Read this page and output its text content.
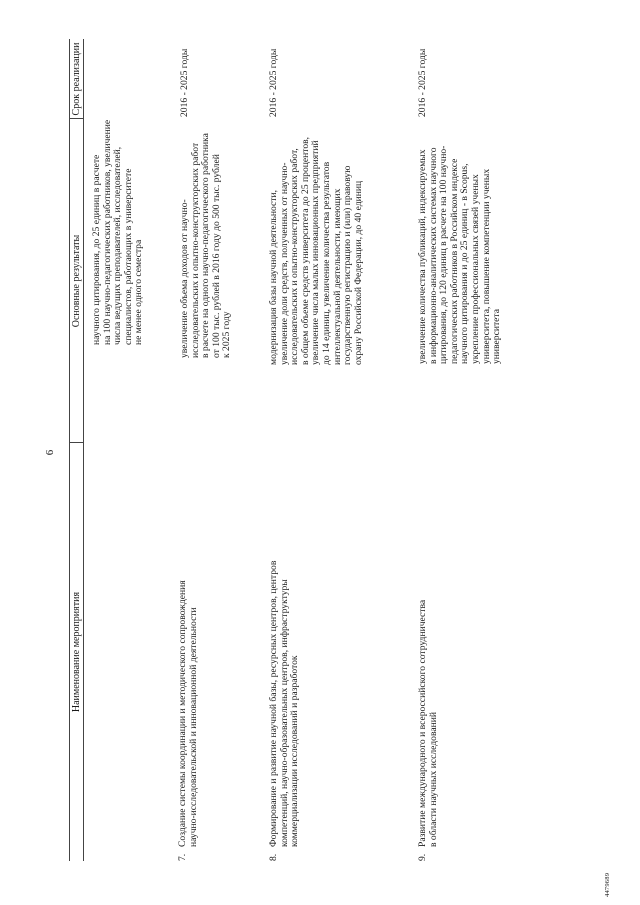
6
Наименование мероприятия
Основные результаты
Срок реализации
научного цитирования, до 25 единиц в расчете на 100 научно-педагогических работников, увеличение числа ведущих преподавателей, исследователей, специалистов, работающих в университете не менее одного семестра
7.
Создание системы координации и методического сопровождения научно-исследовательской и инновационной деятельности
увеличение объема доходов от научно- исследовательских и опытно-конструкторских работ в расчете на одного научно-педагогического работника от 100 тыс. рублей в 2016 году до 500 тыс. рублей к 2025 году
2016 - 2025 годы
8.
Формирование и развитие научной базы, ресурсных центров, центров компетенций, научно-образовательных центров, инфраструктуры коммерциализации исследований и разработок
модернизация базы научной деятельности, увеличение доли средств, полученных от научно- исследовательских и опытно-конструкторских работ, в общем объеме средств университета до 25 процентов, увеличение числа малых инновационных предприятий до 14 единиц, увеличение количества результатов интеллектуальной деятельности, имеющих государственную регистрацию и (или) правовую охрану Российской Федерации, до 40 единиц
2016 - 2025 годы
9.
Развитие международного и всероссийского сотрудничества в области научных исследований
увеличение количества публикаций, индексируемых в информационно-аналитических системах научного цитирования, до 120 единиц в расчете на 100 научно- педагогических работников в Российском индексе научного цитирования и до 25 единиц - в Scopus, укрепление профессиональных связей ученых университета, повышение компетенции ученых университета
2016 - 2025 годы
4479689
